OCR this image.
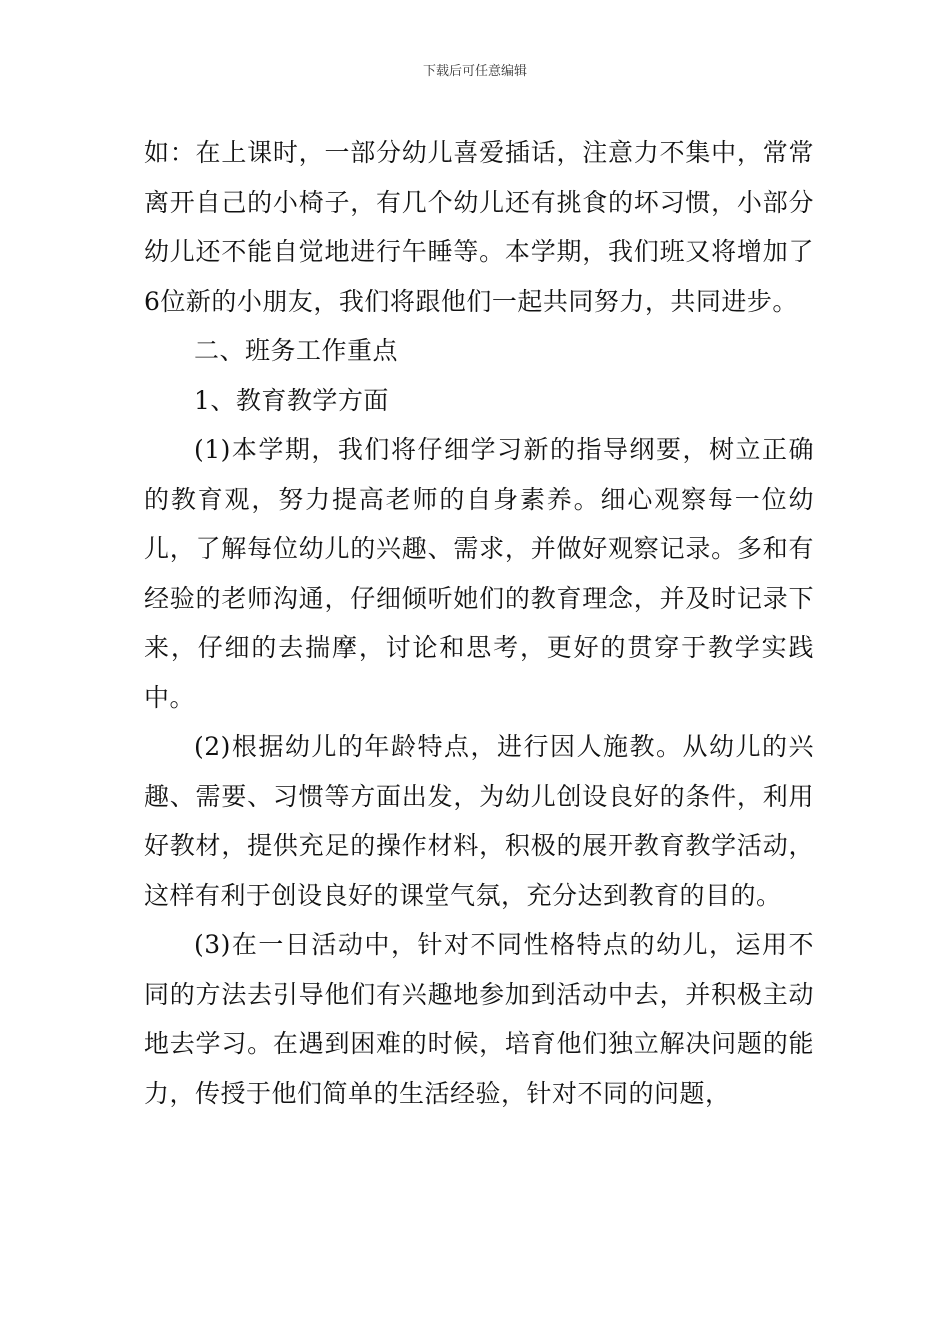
下载后可任意编辑

如：在上课时，一部分幼儿喜爱插话，注意力不集中，常常离开自己的小椅子，有几个幼儿还有挑食的坏习惯，小部分幼儿还不能自觉地进行午睡等。本学期，我们班又将增加了6位新的小朋友，我们将跟他们一起共同努力，共同进步。

二、班务工作重点

1、教育教学方面

(1)本学期，我们将仔细学习新的指导纲要，树立正确的教育观，努力提高老师的自身素养。细心观察每一位幼儿，了解每位幼儿的兴趣、需求，并做好观察记录。多和有经验的老师沟通，仔细倾听她们的教育理念，并及时记录下来，仔细的去揣摩，讨论和思考，更好的贯穿于教学实践中。

(2)根据幼儿的年龄特点，进行因人施教。从幼儿的兴趣、需要、习惯等方面出发，为幼儿创设良好的条件，利用好教材，提供充足的操作材料，积极的展开教育教学活动，这样有利于创设良好的课堂气氛，充分达到教育的目的。

(3)在一日活动中，针对不同性格特点的幼儿，运用不同的方法去引导他们有兴趣地参加到活动中去，并积极主动地去学习。在遇到困难的时候，培育他们独立解决问题的能力，传授于他们简单的生活经验，针对不同的问题，
